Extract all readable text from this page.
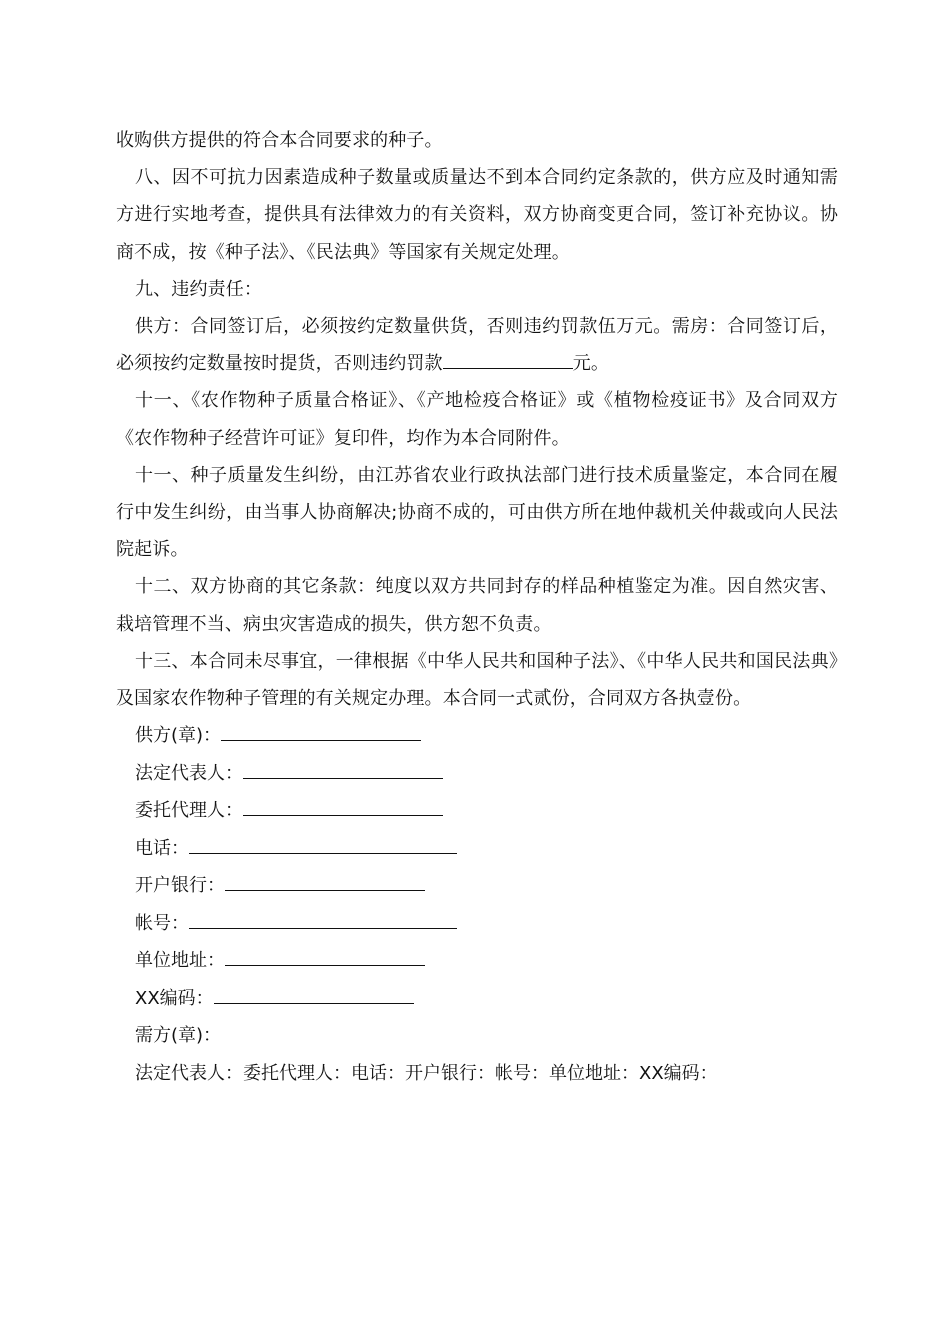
收购供方提供的符合本合同要求的种子。

八、因不可抗力因素造成种子数量或质量达不到本合同约定条款的，供方应及时通知需方进行实地考查，提供具有法律效力的有关资料，双方协商变更合同，签订补充协议。协商不成，按《种子法》、《民法典》等国家有关规定处理。

九、违约责任：

供方：合同签订后，必须按约定数量供货，否则违约罚款伍万元。需房：合同签订后，必须按约定数量按时提货，否则违约罚款	元。

十一、《农作物种子质量合格证》、《产地检疫合格证》或《植物检疫证书》及合同双方《农作物种子经营许可证》复印件，均作为本合同附件。

十一、种子质量发生纠纷，由江苏省农业行政执法部门进行技术质量鉴定，本合同在履行中发生纠纷，由当事人协商解决;协商不成的，可由供方所在地仲裁机关仲裁或向人民法院起诉。

十二、双方协商的其它条款：纯度以双方共同封存的样品种植鉴定为准。因自然灾害、栽培管理不当、病虫灾害造成的损失，供方恕不负责。

十三、本合同未尽事宜，一律根据《中华人民共和国种子法》、《中华人民共和国民法典》及国家农作物种子管理的有关规定办理。本合同一式贰份，合同双方各执壹份。

供方(章)：

法定代表人：

委托代理人：

电话：

开户银行：

帐号：

单位地址：

XX编码：

需方(章)：

法定代表人：委托代理人：电话：开户银行：帐号：单位地址：XX编码：
